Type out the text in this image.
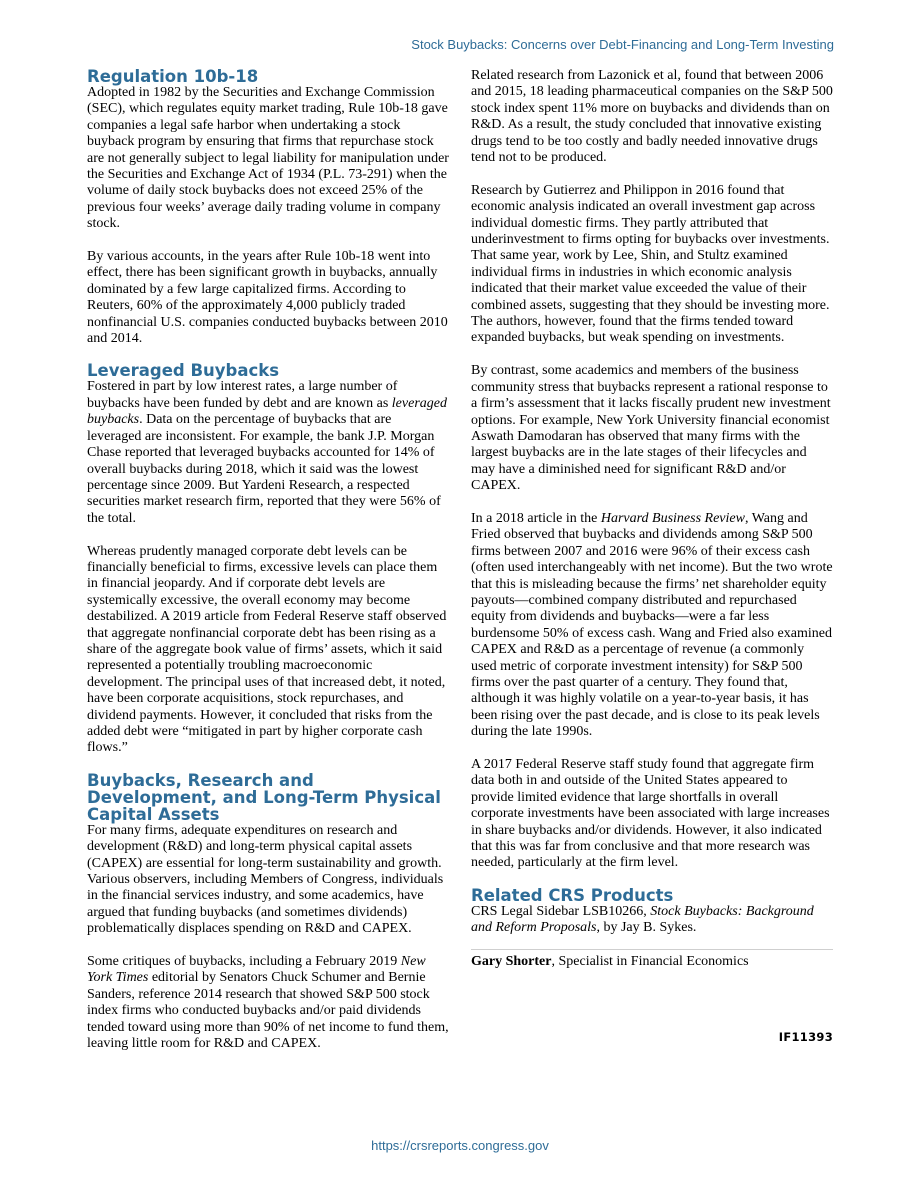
Stock Buybacks: Concerns over Debt-Financing and Long-Term Investing
Regulation 10b-18

Adopted in 1982 by the Securities and Exchange Commission (SEC), which regulates equity market trading, Rule 10b-18 gave companies a legal safe harbor when undertaking a stock buyback program by ensuring that firms that repurchase stock are not generally subject to legal liability for manipulation under the Securities and Exchange Act of 1934 (P.L. 73-291) when the volume of daily stock buybacks does not exceed 25% of the previous four weeks’ average daily trading volume in company stock.

By various accounts, in the years after Rule 10b-18 went into effect, there has been significant growth in buybacks, annually dominated by a few large capitalized firms. According to Reuters, 60% of the approximately 4,000 publicly traded nonfinancial U.S. companies conducted buybacks between 2010 and 2014.

Leveraged Buybacks

Fostered in part by low interest rates, a large number of buybacks have been funded by debt and are known as leveraged buybacks. Data on the percentage of buybacks that are leveraged are inconsistent. For example, the bank J.P. Morgan Chase reported that leveraged buybacks accounted for 14% of overall buybacks during 2018, which it said was the lowest percentage since 2009. But Yardeni Research, a respected securities market research firm, reported that they were 56% of the total.

Whereas prudently managed corporate debt levels can be financially beneficial to firms, excessive levels can place them in financial jeopardy. And if corporate debt levels are systemically excessive, the overall economy may become destabilized. A 2019 article from Federal Reserve staff observed that aggregate nonfinancial corporate debt has been rising as a share of the aggregate book value of firms’ assets, which it said represented a potentially troubling macroeconomic development. The principal uses of that increased debt, it noted, have been corporate acquisitions, stock repurchases, and dividend payments. However, it concluded that risks from the added debt were “mitigated in part by higher corporate cash flows.”

Buybacks, Research and Development, and Long-Term Physical Capital Assets

For many firms, adequate expenditures on research and development (R&D) and long-term physical capital assets (CAPEX) are essential for long-term sustainability and growth. Various observers, including Members of Congress, individuals in the financial services industry, and some academics, have argued that funding buybacks (and sometimes dividends) problematically displaces spending on R&D and CAPEX.

Some critiques of buybacks, including a February 2019 New York Times editorial by Senators Chuck Schumer and Bernie Sanders, reference 2014 research that showed S&P 500 stock index firms who conducted buybacks and/or paid dividends tended toward using more than 90% of net income to fund them, leaving little room for R&D and CAPEX.

Related research from Lazonick et al, found that between 2006 and 2015, 18 leading pharmaceutical companies on the S&P 500 stock index spent 11% more on buybacks and dividends than on R&D. As a result, the study concluded that innovative existing drugs tend to be too costly and badly needed innovative drugs tend not to be produced.

Research by Gutierrez and Philippon in 2016 found that economic analysis indicated an overall investment gap across individual domestic firms. They partly attributed that underinvestment to firms opting for buybacks over investments. That same year, work by Lee, Shin, and Stultz examined individual firms in industries in which economic analysis indicated that their market value exceeded the value of their combined assets, suggesting that they should be investing more. The authors, however, found that the firms tended toward expanded buybacks, but weak spending on investments.

By contrast, some academics and members of the business community stress that buybacks represent a rational response to a firm’s assessment that it lacks fiscally prudent new investment options. For example, New York University financial economist Aswath Damodaran has observed that many firms with the largest buybacks are in the late stages of their lifecycles and may have a diminished need for significant R&D and/or CAPEX.

In a 2018 article in the Harvard Business Review, Wang and Fried observed that buybacks and dividends among S&P 500 firms between 2007 and 2016 were 96% of their excess cash (often used interchangeably with net income). But the two wrote that this is misleading because the firms’ net shareholder equity payouts—combined company distributed and repurchased equity from dividends and buybacks—were a far less burdensome 50% of excess cash. Wang and Fried also examined CAPEX and R&D as a percentage of revenue (a commonly used metric of corporate investment intensity) for S&P 500 firms over the past quarter of a century. They found that, although it was highly volatile on a year-to-year basis, it has been rising over the past decade, and is close to its peak levels during the late 1990s.

A 2017 Federal Reserve staff study found that aggregate firm data both in and outside of the United States appeared to provide limited evidence that large shortfalls in overall corporate investments have been associated with large increases in share buybacks and/or dividends. However, it also indicated that this was far from conclusive and that more research was needed, particularly at the firm level.

Related CRS Products

CRS Legal Sidebar LSB10266, Stock Buybacks: Background and Reform Proposals, by Jay B. Sykes.

Gary Shorter, Specialist in Financial Economics

IF11393
https://crsreports.congress.gov
